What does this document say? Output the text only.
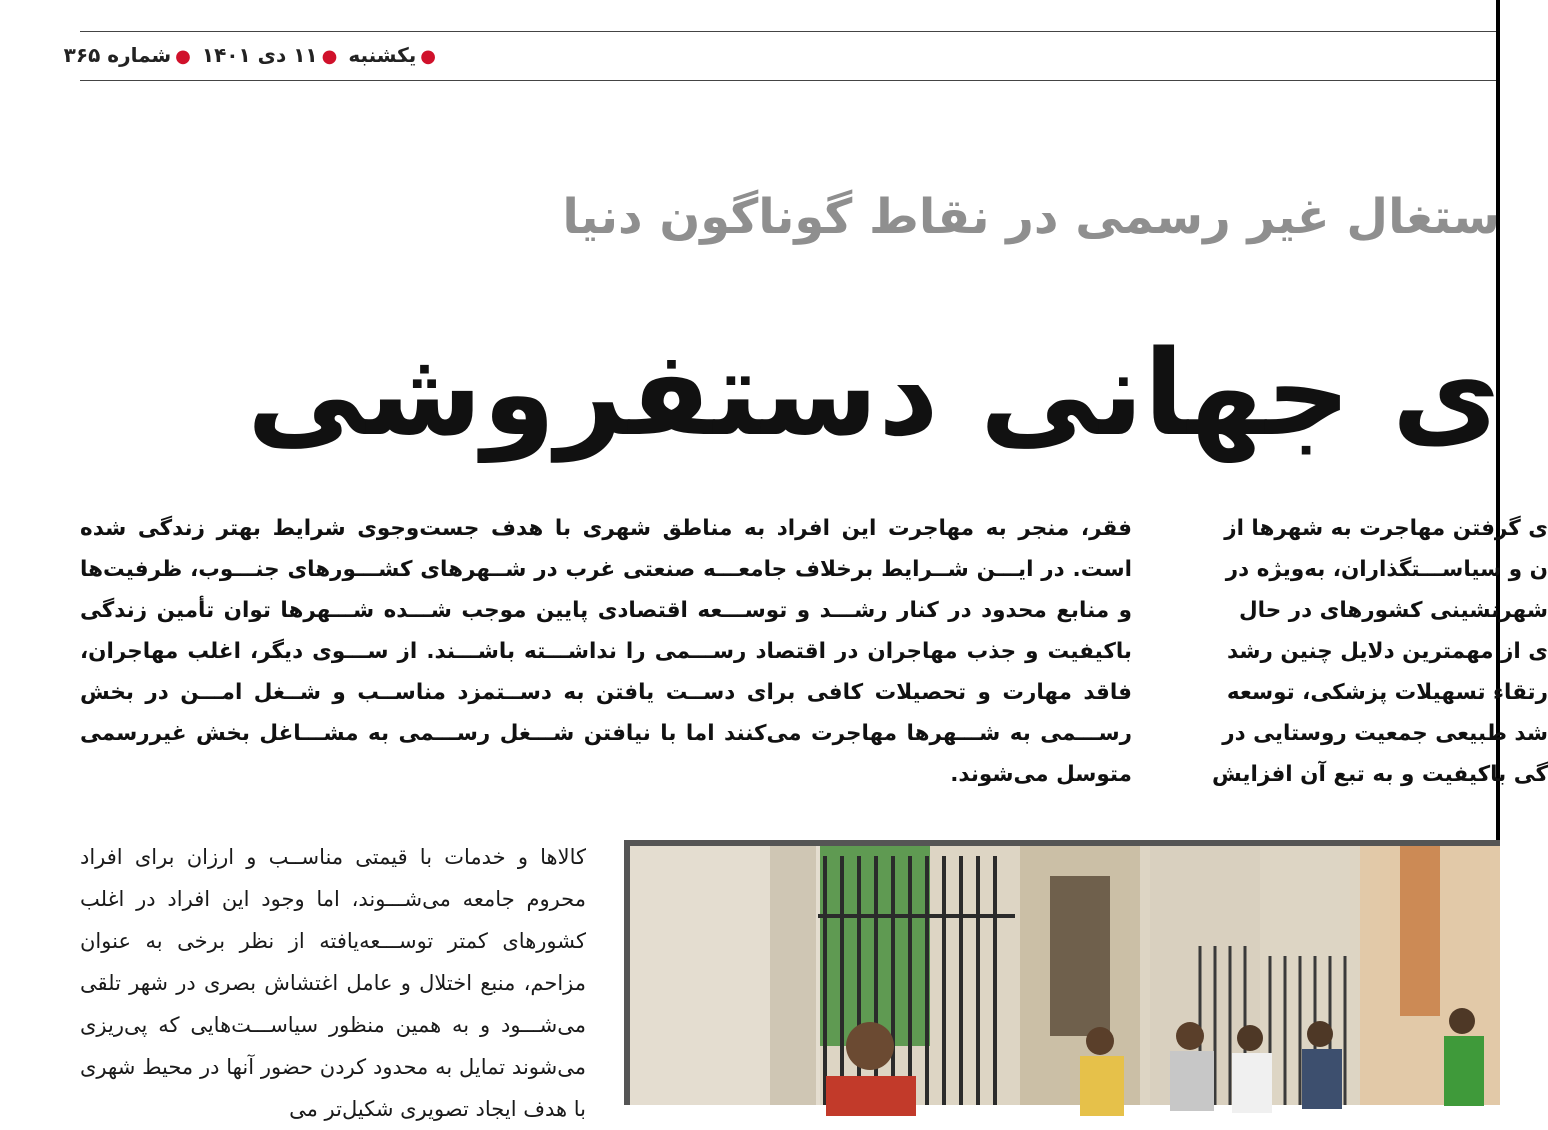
●یکشنبه ●۱۱ دی ۱۴۰۱ ●شماره ۳۶۵
ستغال غیر رسمی در نقاط گوناگون دنیا
ی جهانی دستفروشی
ی گرفتن مهاجرت به شهرها از
ن و سیاســـتگذاران، به‌ویژه در
شهرنشینی کشورهای در حال
ی از مهمترین دلایل چنین رشد
رتقاء تسهیلات پزشکی، توسعه
شد طبیعی جمعیت روستایی در
گی باکیفیت و به تبع آن افزایش

فقر، منجر به مهاجرت این افراد به مناطق شهری با هدف جست‌وجوی شرایط بهتر زندگی شده است. در ایـــن شــرایط برخلاف جامعـــه صنعتی غرب در شــهرهای کشـــورهای جنـــوب، ظرفیت‌ها و منابع محدود در کنار رشـــد و توســـعه اقتصادی پایین موجب شـــده شـــهرها توان تأمین زندگی باکیفیت و جذب مهاجران در اقتصاد رســـمی را نداشـــته باشـــند. از ســـوی دیگر، اغلب مهاجران، فاقد مهارت و تحصیلات کافی برای دســت یافتن به دســتمزد مناســب و شــغل امـــن در بخش رســـمی به شـــهرها مهاجرت می‌کنند اما با نیافتن شـــغل رســـمی به مشـــاغل بخش غیررسمی متوسل می‌شوند.

کالاها و خدمات با قیمتی مناســب و ارزان برای افراد محروم جامعه می‌شـــوند، اما وجود این افراد در اغلب کشورهای کمتر توســـعه‌یافته از نظر برخی به عنوان مزاحم، منبع اختلال و عامل اغتشاش بصری در شهر تلقی می‌شـــود و به همین منظور سیاســـت‌هایی که پی‌ریزی می‌شوند تمایل به محدود کردن حضور آنها در محیط شهری با هدف ایجاد تصویری شکیل‌تر می‌
